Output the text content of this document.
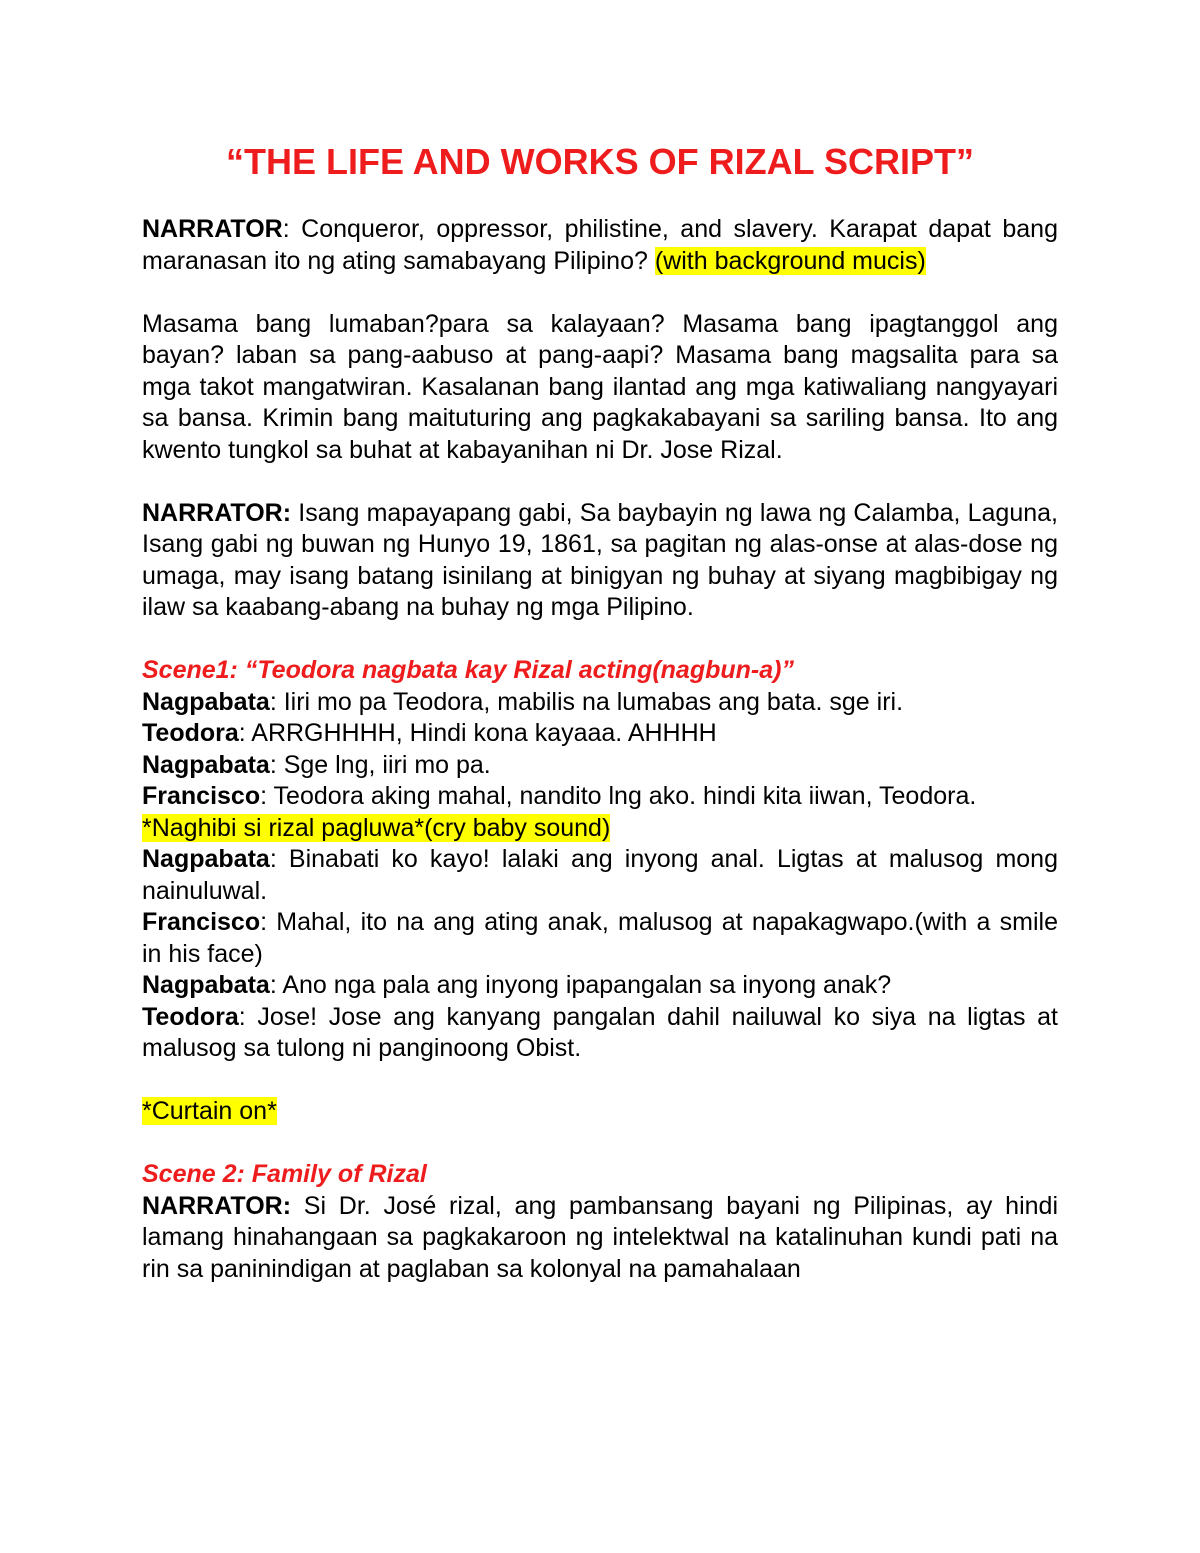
“THE LIFE AND WORKS OF RIZAL SCRIPT”

NARRATOR: Conqueror, oppressor, philistine, and slavery. Karapat dapat bang maranasan ito ng ating samabayang Pilipino? (with background mucis)

Masama bang lumaban?para sa kalayaan? Masama bang ipagtanggol ang bayan? laban sa pang-aabuso at pang-aapi? Masama bang magsalita para sa mga takot mangatwiran. Kasalanan bang ilantad ang mga katiwaliang nangyayari sa bansa. Krimin bang maituturing ang pagkakabayani sa sariling bansa. Ito ang kwento tungkol sa buhat at kabayanihan ni Dr. Jose Rizal.

NARRATOR: Isang mapayapang gabi, Sa baybayin ng lawa ng Calamba, Laguna, Isang gabi ng buwan ng Hunyo 19, 1861, sa pagitan ng alas-onse at alas-dose ng umaga, may isang batang isinilang at binigyan ng buhay at siyang magbibigay ng ilaw sa kaabang-abang na buhay ng mga Pilipino.

Scene1: “Teodora nagbata kay Rizal acting(nagbun-a)”

Nagpabata: Iiri mo pa Teodora, mabilis na lumabas ang bata. sge iri.

Teodora: ARRGHHHH, Hindi kona kayaaa. AHHHH

Nagpabata: Sge lng, iiri mo pa.

Francisco: Teodora aking mahal, nandito lng ako. hindi kita iiwan, Teodora.

*Naghibi si rizal pagluwa*(cry baby sound)

Nagpabata: Binabati ko kayo! lalaki ang inyong anal. Ligtas at malusog mong nainuluwal.

Francisco: Mahal, ito na ang ating anak, malusog at napakagwapo.(with a smile in his face)

Nagpabata: Ano nga pala ang inyong ipapangalan sa inyong anak?

Teodora: Jose! Jose ang kanyang pangalan dahil nailuwal ko siya na ligtas at malusog sa tulong ni panginoong Obist.

*Curtain on*

Scene 2: Family of Rizal

NARRATOR: Si Dr. José rizal, ang pambansang bayani ng Pilipinas, ay hindi lamang hinahangaan sa pagkakaroon ng intelektwal na katalinuhan kundi pati na rin sa paninindigan at paglaban sa kolonyal na pamahalaan
